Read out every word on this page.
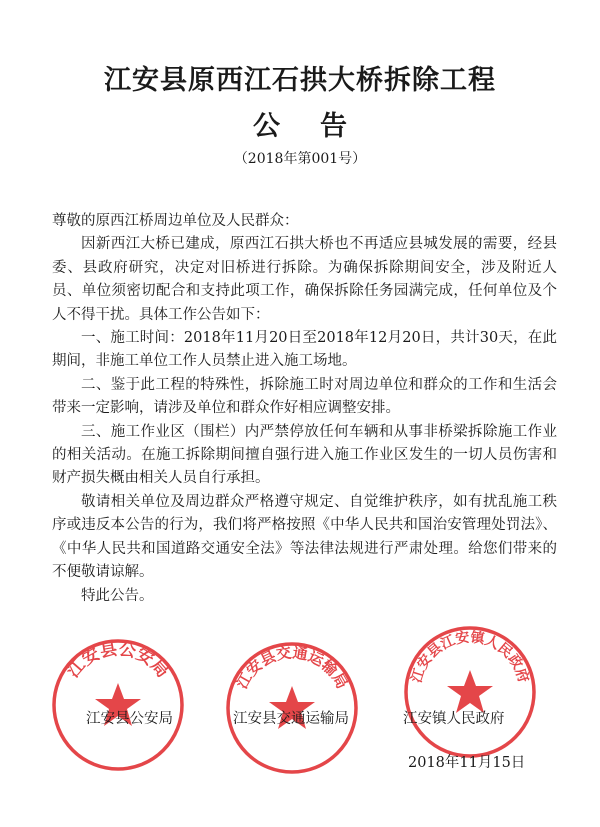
江安县原西江石拱大桥拆除工程
公告
（2018年第001号）

尊敬的原西江桥周边单位及人民群众：

因新西江大桥已建成，原西江石拱大桥也不再适应县城发展的需要，经县委、县政府研究，决定对旧桥进行拆除。为确保拆除期间安全，涉及附近人员、单位须密切配合和支持此项工作，确保拆除任务园满完成，任何单位及个人不得干扰。具体工作公告如下：

一、施工时间：2018年11月20日至2018年12月20日，共计30天，在此期间，非施工单位工作人员禁止进入施工场地。

二、鉴于此工程的特殊性，拆除施工时对周边单位和群众的工作和生活会带来一定影响，请涉及单位和群众作好相应调整安排。

三、施工作业区（围栏）内严禁停放任何车辆和从事非桥梁拆除施工作业的相关活动。在施工拆除期间擅自强行进入施工作业区发生的一切人员伤害和财产损失概由相关人员自行承担。

敬请相关单位及周边群众严格遵守规定、自觉维护秩序，如有扰乱施工秩序或违反本公告的行为，我们将严格按照《中华人民共和国治安管理处罚法》、《中华人民共和国道路交通安全法》等法律法规进行严肃处理。给您们带来的不便敬请谅解。

特此公告。

江安县公安局	江安县交通运输局	江安县江安镇人民政府
江安县公安局	江安县交通运输局	江安镇人民政府
2018年11月15日
